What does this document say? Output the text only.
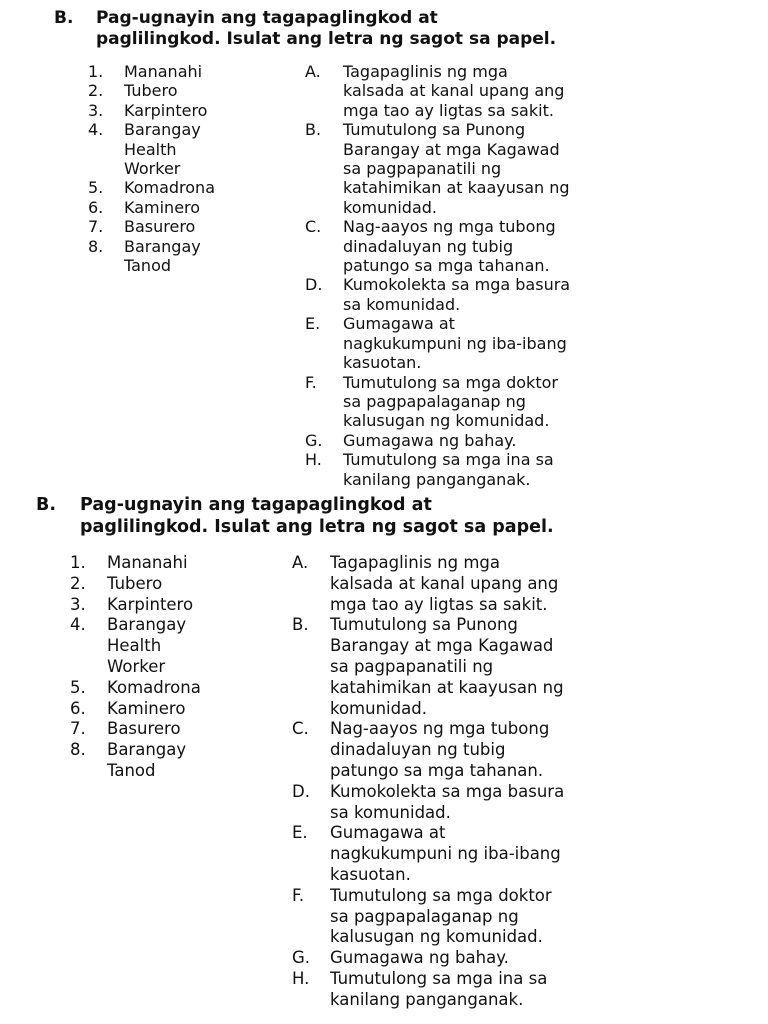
B.	Pag-ugnayin ang tagapaglingkod at
paglilingkod. Isulat ang letra ng sagot sa papel.
1.	Mananahi
2.	Tubero
3.	Karpintero
4.	Barangay
Health
Worker
5.	Komadrona
6.	Kaminero
7.	Basurero
8.	Barangay
Tanod
A.	Tagapaglinis ng mga
kalsada at kanal upang ang
mga tao ay ligtas sa sakit.
B.	Tumutulong sa Punong
Barangay at mga Kagawad
sa pagpapanatili ng
katahimikan at kaayusan ng
komunidad.
C.	Nag-aayos ng mga tubong
dinadaluyan ng tubig
patungo sa mga tahanan.
D.	Kumokolekta sa mga basura
sa komunidad.
E.	Gumagawa at
nagkukumpuni ng iba-ibang
kasuotan.
F.	Tumutulong sa mga doktor
sa pagpapalaganap ng
kalusugan ng komunidad.
G.	Gumagawa ng bahay.
H.	Tumutulong sa mga ina sa
kanilang panganganak.
B.	Pag-ugnayin ang tagapaglingkod at
paglilingkod. Isulat ang letra ng sagot sa papel.
1.	Mananahi
2.	Tubero
3.	Karpintero
4.	Barangay
Health
Worker
5.	Komadrona
6.	Kaminero
7.	Basurero
8.	Barangay
Tanod
A.	Tagapaglinis ng mga
kalsada at kanal upang ang
mga tao ay ligtas sa sakit.
B.	Tumutulong sa Punong
Barangay at mga Kagawad
sa pagpapanatili ng
katahimikan at kaayusan ng
komunidad.
C.	Nag-aayos ng mga tubong
dinadaluyan ng tubig
patungo sa mga tahanan.
D.	Kumokolekta sa mga basura
sa komunidad.
E.	Gumagawa at
nagkukumpuni ng iba-ibang
kasuotan.
F.	Tumutulong sa mga doktor
sa pagpapalaganap ng
kalusugan ng komunidad.
G.	Gumagawa ng bahay.
H.	Tumutulong sa mga ina sa
kanilang panganganak.
